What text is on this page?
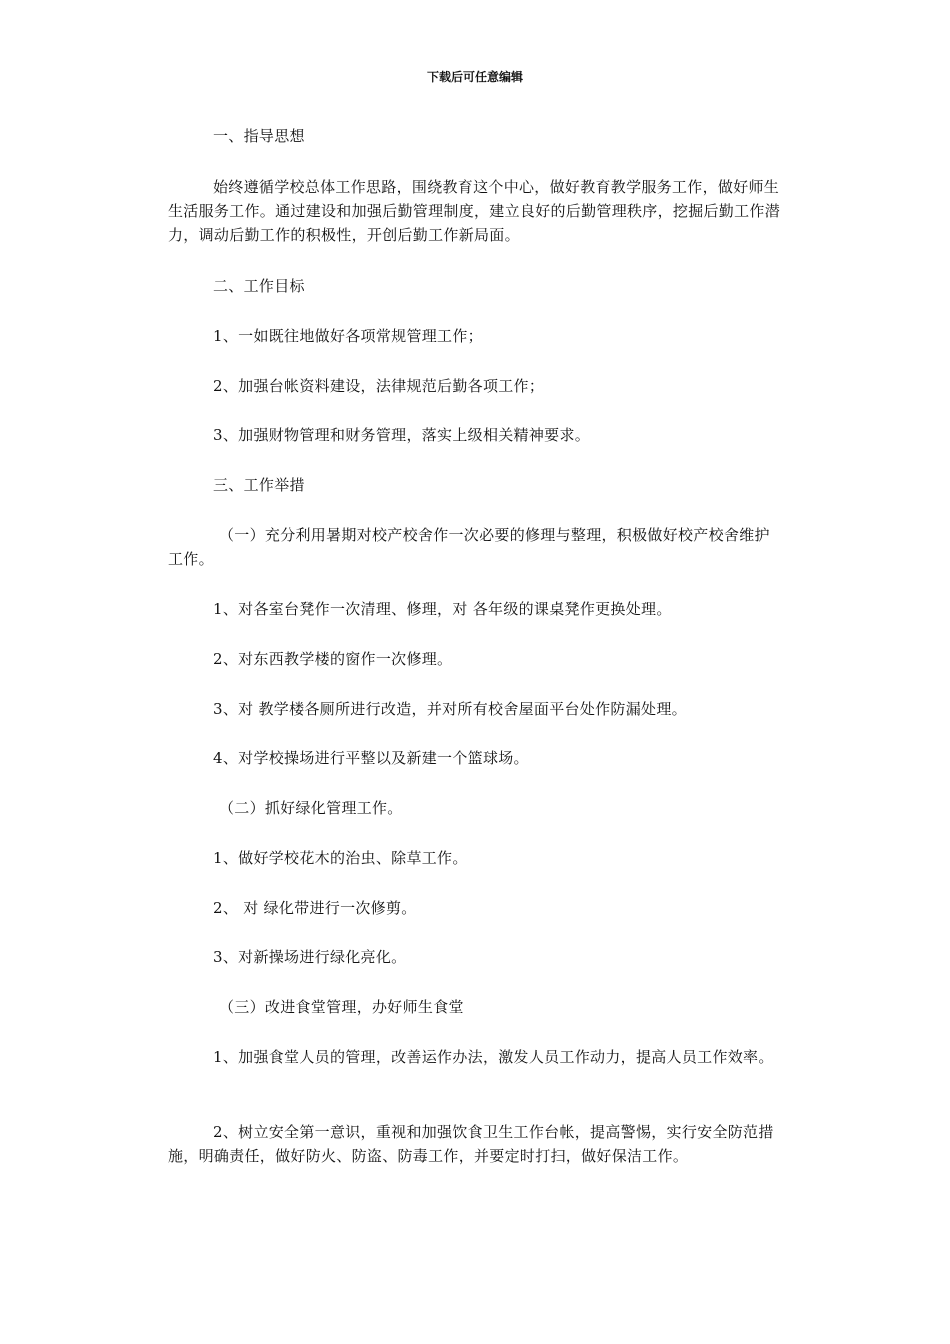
下载后可任意编辑
一、指导思想
始终遵循学校总体工作思路，围绕教育这个中心，做好教育教学服务工作，做好师生生活服务工作。通过建设和加强后勤管理制度，建立良好的后勤管理秩序，挖掘后勤工作潜力，调动后勤工作的积极性，开创后勤工作新局面。
二、工作目标
1、一如既往地做好各项常规管理工作；
2、加强台帐资料建设，法律规范后勤各项工作；
3、加强财物管理和财务管理，落实上级相关精神要求。
三、工作举措
（一）充分利用暑期对校产校舍作一次必要的修理与整理，积极做好校产校舍维护工作。
1、对各室台凳作一次清理、修理，对 各年级的课桌凳作更换处理。
2、对东西教学楼的窗作一次修理。
3、对 教学楼各厕所进行改造，并对所有校舍屋面平台处作防漏处理。
4、对学校操场进行平整以及新建一个篮球场。
（二）抓好绿化管理工作。
1、做好学校花木的治虫、除草工作。
2、 对 绿化带进行一次修剪。
3、对新操场进行绿化亮化。
（三）改进食堂管理，办好师生食堂
1、加强食堂人员的管理，改善运作办法，激发人员工作动力，提高人员工作效率。
2、树立安全第一意识，重视和加强饮食卫生工作台帐，提高警惕，实行安全防范措施，明确责任，做好防火、防盗、防毒工作，并要定时打扫，做好保洁工作。
